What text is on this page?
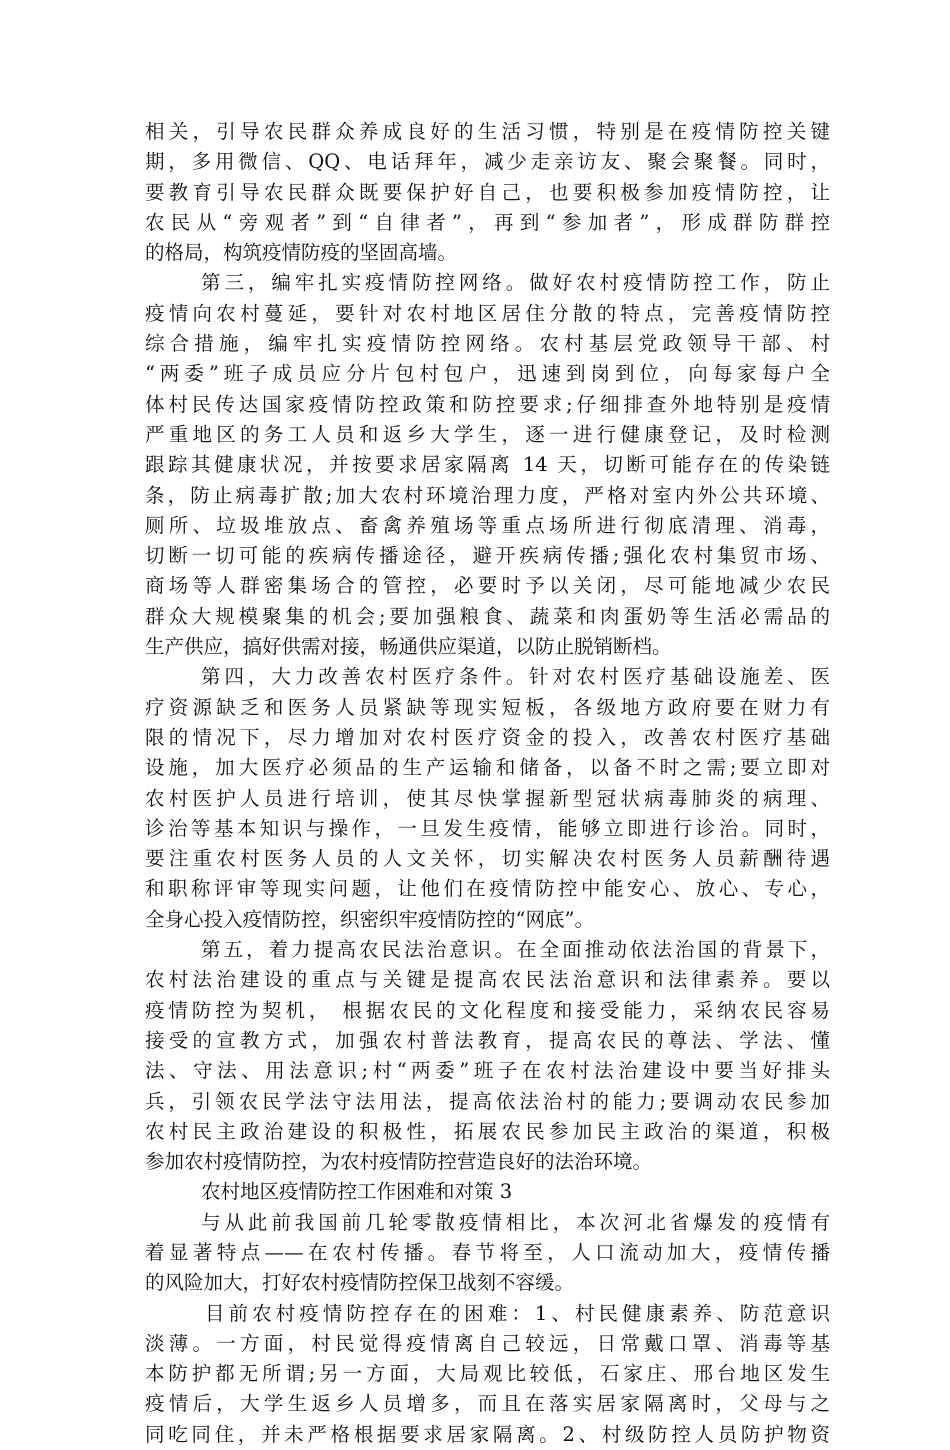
相关，引导农民群众养成良好的生活习惯，特别是在疫情防控关键
期，多用微信、QQ、电话拜年，减少走亲访友、聚会聚餐。同时，
要教育引导农民群众既要保护好自己，也要积极参加疫情防控，让
农民从“旁观者”到“自律者”，再到“参加者”，形成群防群控
的格局，构筑疫情防疫的坚固高墙。
第三，编牢扎实疫情防控网络。做好农村疫情防控工作，防止
疫情向农村蔓延，要针对农村地区居住分散的特点，完善疫情防控
综合措施，编牢扎实疫情防控网络。农村基层党政领导干部、村
“两委”班子成员应分片包村包户，迅速到岗到位，向每家每户全
体村民传达国家疫情防控政策和防控要求;仔细排查外地特别是疫情
严重地区的务工人员和返乡大学生，逐一进行健康登记，及时检测
跟踪其健康状况，并按要求居家隔离 14 天，切断可能存在的传染链
条，防止病毒扩散;加大农村环境治理力度，严格对室内外公共环境、
厕所、垃圾堆放点、畜禽养殖场等重点场所进行彻底清理、消毒，
切断一切可能的疾病传播途径，避开疾病传播;强化农村集贸市场、
商场等人群密集场合的管控，必要时予以关闭，尽可能地减少农民
群众大规模聚集的机会;要加强粮食、蔬菜和肉蛋奶等生活必需品的
生产供应，搞好供需对接，畅通供应渠道，以防止脱销断档。
第四，大力改善农村医疗条件。针对农村医疗基础设施差、医
疗资源缺乏和医务人员紧缺等现实短板，各级地方政府要在财力有
限的情况下，尽力增加对农村医疗资金的投入，改善农村医疗基础
设施，加大医疗必须品的生产运输和储备，以备不时之需;要立即对
农村医护人员进行培训，使其尽快掌握新型冠状病毒肺炎的病理、
诊治等基本知识与操作，一旦发生疫情，能够立即进行诊治。同时，
要注重农村医务人员的人文关怀，切实解决农村医务人员薪酬待遇
和职称评审等现实问题，让他们在疫情防控中能安心、放心、专心，
全身心投入疫情防控，织密织牢疫情防控的“网底”。
第五，着力提高农民法治意识。在全面推动依法治国的背景下，
农村法治建设的重点与关键是提高农民法治意识和法律素养。要以
疫情防控为契机， 根据农民的文化程度和接受能力，采纳农民容易
接受的宣教方式，加强农村普法教育，提高农民的尊法、学法、懂
法、守法、用法意识;村“两委”班子在农村法治建设中要当好排头
兵，引领农民学法守法用法，提高依法治村的能力;要调动农民参加
农村民主政治建设的积极性，拓展农民参加民主政治的渠道，积极
参加农村疫情防控，为农村疫情防控营造良好的法治环境。
农村地区疫情防控工作困难和对策 3
与从此前我国前几轮零散疫情相比，本次河北省爆发的疫情有
着显著特点——在农村传播。春节将至，人口流动加大，疫情传播
的风险加大，打好农村疫情防控保卫战刻不容缓。
目前农村疫情防控存在的困难：1、村民健康素养、防范意识
淡薄。一方面，村民觉得疫情离自己较远，日常戴口罩、消毒等基
本防护都无所谓;另一方面，大局观比较低，石家庄、邢台地区发生
疫情后，大学生返乡人员增多，而且在落实居家隔离时，父母与之
同吃同住，并未严格根据要求居家隔离。2、村级防控人员防护物资
